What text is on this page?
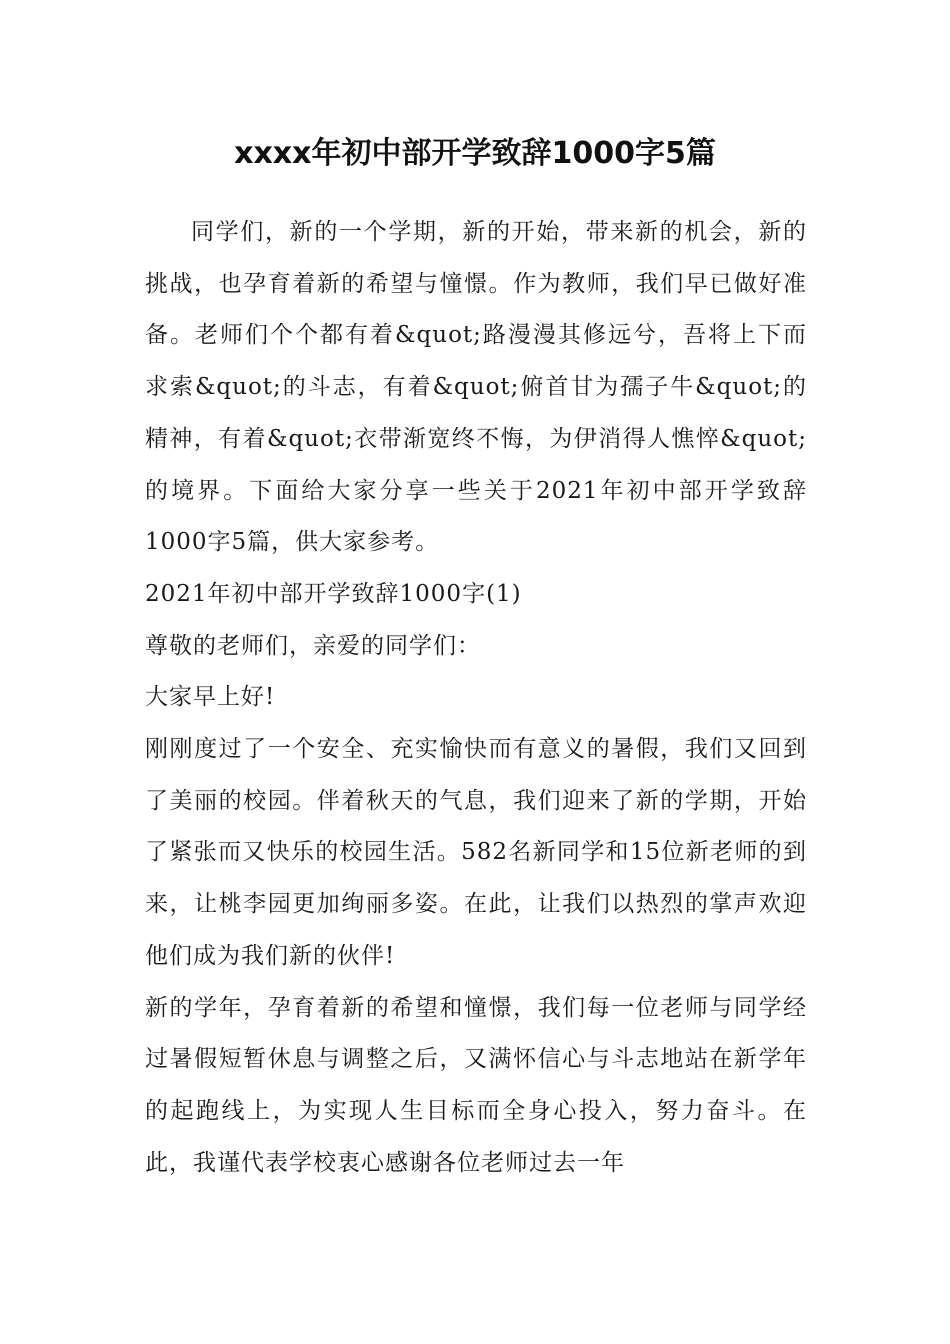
xxxx年初中部开学致辞1000字5篇

同学们，新的一个学期，新的开始，带来新的机会，新的挑战，也孕育着新的希望与憧憬。作为教师，我们早已做好准备。老师们个个都有着&quot;路漫漫其修远兮，吾将上下而求索&quot;的斗志，有着&quot;俯首甘为孺子牛&quot;的精神，有着&quot;衣带渐宽终不悔，为伊消得人憔悴&quot;的境界。下面给大家分享一些关于2021年初中部开学致辞1000字5篇，供大家参考。

2021年初中部开学致辞1000字(1)

尊敬的老师们，亲爱的同学们：

大家早上好!

刚刚度过了一个安全、充实愉快而有意义的暑假，我们又回到了美丽的校园。伴着秋天的气息，我们迎来了新的学期，开始了紧张而又快乐的校园生活。582名新同学和15位新老师的到来，让桃李园更加绚丽多姿。在此，让我们以热烈的掌声欢迎他们成为我们新的伙伴!

新的学年，孕育着新的希望和憧憬，我们每一位老师与同学经过暑假短暂休息与调整之后，又满怀信心与斗志地站在新学年的起跑线上，为实现人生目标而全身心投入，努力奋斗。在此，我谨代表学校衷心感谢各位老师过去一年
